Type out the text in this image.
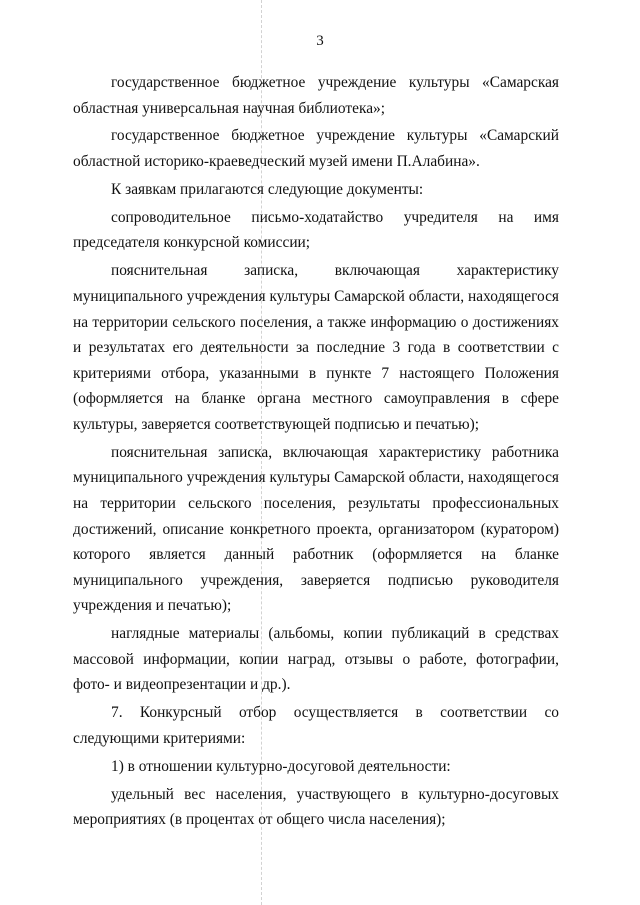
3

государственное бюджетное учреждение культуры «Самарская областная универсальная научная библиотека»;

государственное бюджетное учреждение культуры «Самарский областной историко-краеведческий музей имени П.Алабина».

К заявкам прилагаются следующие документы:

сопроводительное письмо-ходатайство учредителя на имя председателя конкурсной комиссии;

пояснительная записка, включающая характеристику муниципального учреждения культуры Самарской области, находящегося на территории сельского поселения, а также информацию о достижениях и результатах его деятельности за последние 3 года в соответствии с критериями отбора, указанными в пункте 7 настоящего Положения (оформляется на бланке органа местного самоуправления в сфере культуры, заверяется соответствующей подписью и печатью);

пояснительная записка, включающая характеристику работника муниципального учреждения культуры Самарской области, находящегося на территории сельского поселения, результаты профессиональных достижений, описание конкретного проекта, организатором (куратором) которого является данный работник (оформляется на бланке муниципального учреждения, заверяется подписью руководителя учреждения и печатью);

наглядные материалы (альбомы, копии публикаций в средствах массовой информации, копии наград, отзывы о работе, фотографии, фото- и видеопрезентации и др.).

7. Конкурсный отбор осуществляется в соответствии со следующими критериями:

1) в отношении культурно-досуговой деятельности:

удельный вес населения, участвующего в культурно-досуговых мероприятиях (в процентах от общего числа населения);
